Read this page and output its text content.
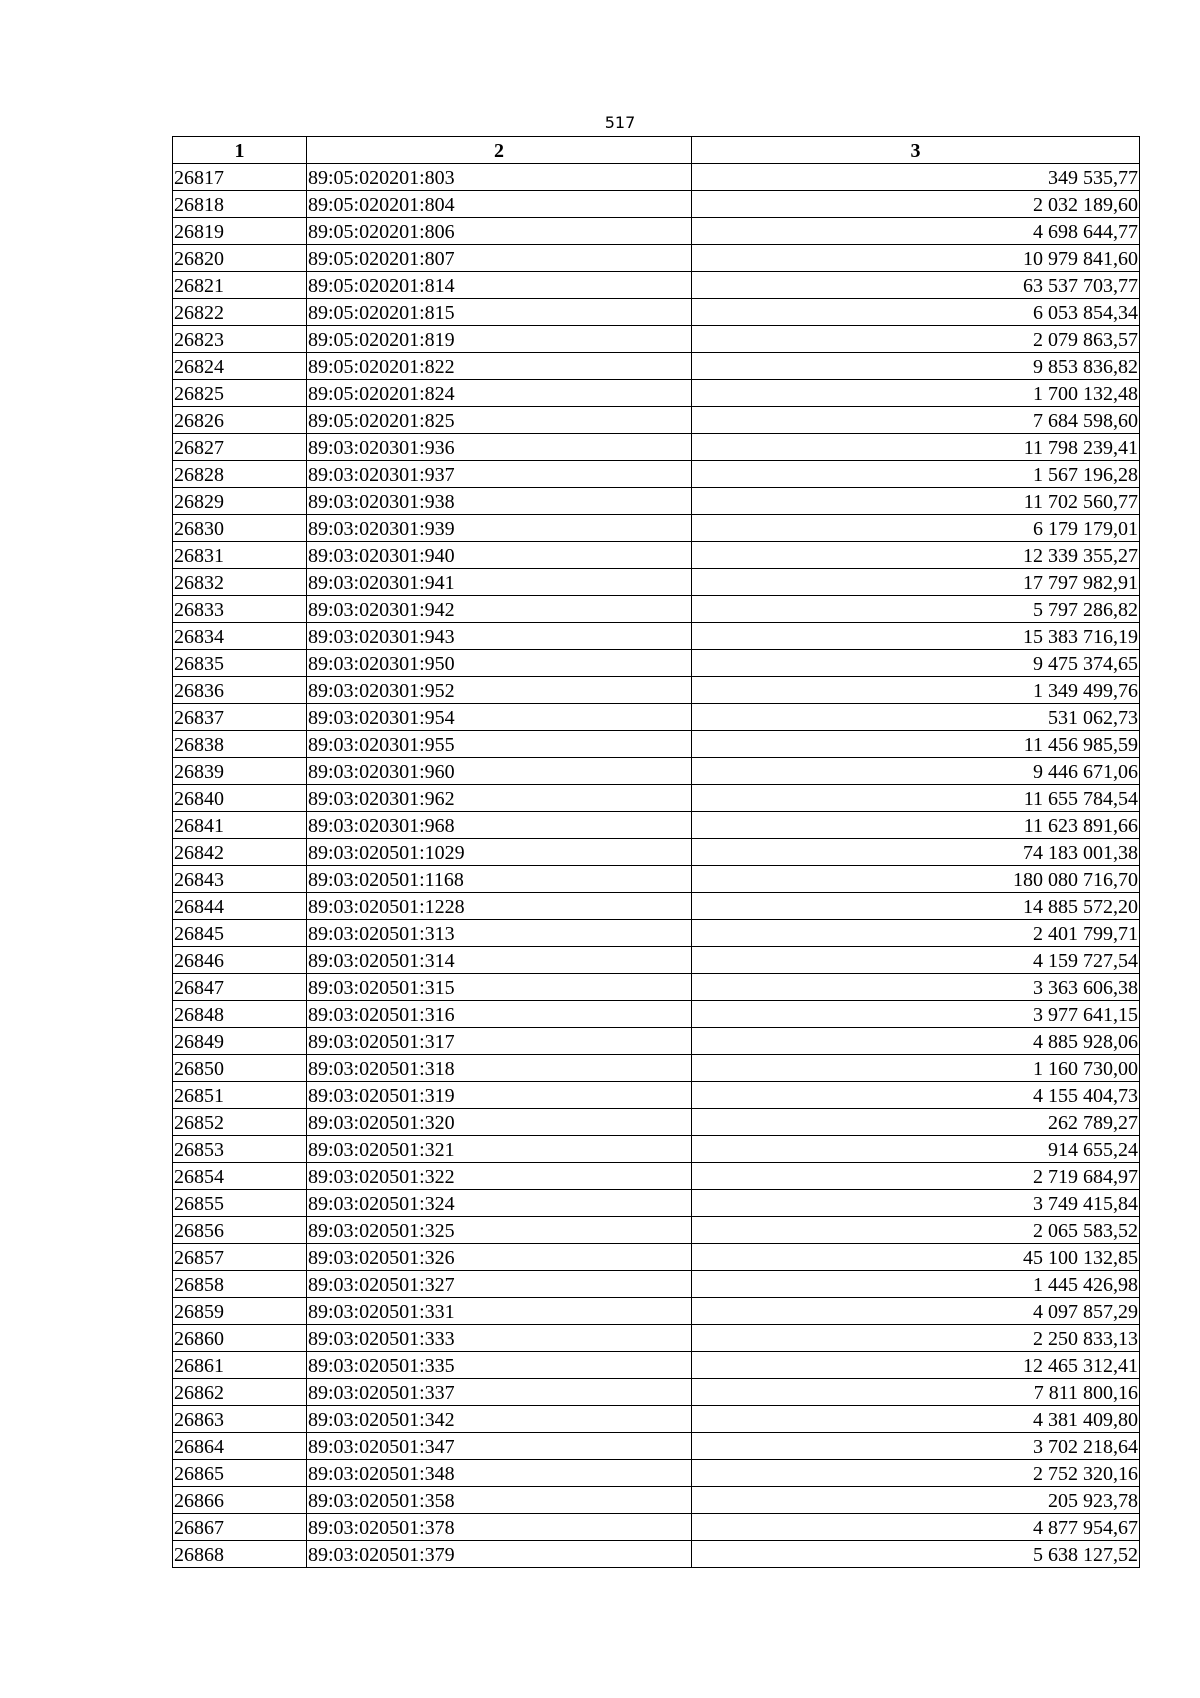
517
1	2	3
26817	89:05:020201:803	349 535,77
26818	89:05:020201:804	2 032 189,60
26819	89:05:020201:806	4 698 644,77
26820	89:05:020201:807	10 979 841,60
26821	89:05:020201:814	63 537 703,77
26822	89:05:020201:815	6 053 854,34
26823	89:05:020201:819	2 079 863,57
26824	89:05:020201:822	9 853 836,82
26825	89:05:020201:824	1 700 132,48
26826	89:05:020201:825	7 684 598,60
26827	89:03:020301:936	11 798 239,41
26828	89:03:020301:937	1 567 196,28
26829	89:03:020301:938	11 702 560,77
26830	89:03:020301:939	6 179 179,01
26831	89:03:020301:940	12 339 355,27
26832	89:03:020301:941	17 797 982,91
26833	89:03:020301:942	5 797 286,82
26834	89:03:020301:943	15 383 716,19
26835	89:03:020301:950	9 475 374,65
26836	89:03:020301:952	1 349 499,76
26837	89:03:020301:954	531 062,73
26838	89:03:020301:955	11 456 985,59
26839	89:03:020301:960	9 446 671,06
26840	89:03:020301:962	11 655 784,54
26841	89:03:020301:968	11 623 891,66
26842	89:03:020501:1029	74 183 001,38
26843	89:03:020501:1168	180 080 716,70
26844	89:03:020501:1228	14 885 572,20
26845	89:03:020501:313	2 401 799,71
26846	89:03:020501:314	4 159 727,54
26847	89:03:020501:315	3 363 606,38
26848	89:03:020501:316	3 977 641,15
26849	89:03:020501:317	4 885 928,06
26850	89:03:020501:318	1 160 730,00
26851	89:03:020501:319	4 155 404,73
26852	89:03:020501:320	262 789,27
26853	89:03:020501:321	914 655,24
26854	89:03:020501:322	2 719 684,97
26855	89:03:020501:324	3 749 415,84
26856	89:03:020501:325	2 065 583,52
26857	89:03:020501:326	45 100 132,85
26858	89:03:020501:327	1 445 426,98
26859	89:03:020501:331	4 097 857,29
26860	89:03:020501:333	2 250 833,13
26861	89:03:020501:335	12 465 312,41
26862	89:03:020501:337	7 811 800,16
26863	89:03:020501:342	4 381 409,80
26864	89:03:020501:347	3 702 218,64
26865	89:03:020501:348	2 752 320,16
26866	89:03:020501:358	205 923,78
26867	89:03:020501:378	4 877 954,67
26868	89:03:020501:379	5 638 127,52
